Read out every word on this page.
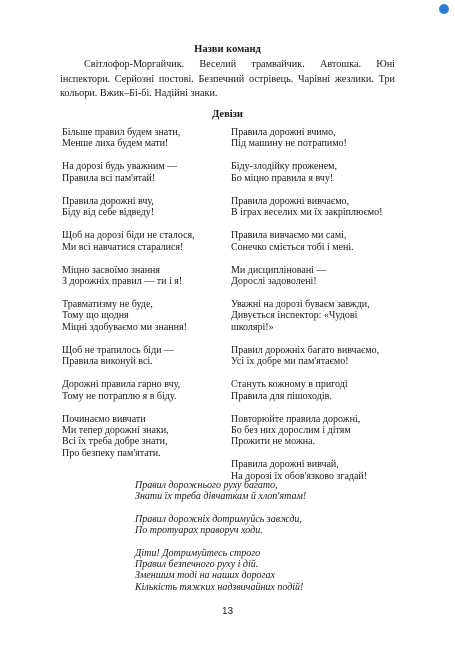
Назви команд
Світлофор-Моргайчик. Веселий трамвайчик. Автошка. Юні інспектори. Серйозні постові. Безпечний острівець. Чарівні жезлики. Три кольори. Вжик–Бі-бі. Надійні знаки.
Девізи
Більше правил будем знати,
Менше лиха будем мати!
На дорозі будь уважним —
Правила всі пам'ятай!
Правила дорожні вчу,
Біду від себе відведу!
Щоб на дорозі біди не сталося,
Ми всі навчатися старалися!
Міцно засвоїмо знання
З дорожніх правил — ти і я!
Травматизму не буде,
Тому що щодня
Міцні здобуваємо ми знання!
Щоб не трапилось біди —
Правила виконуй всі.
Дорожні правила гарно вчу,
Тому не потраплю я в біду.
Починаємо вивчати
Ми тепер дорожні знаки,
Всі їх треба добре знати,
Про безпеку пам'ятати.
Правила дорожні вчимо,
Під машину не потрапимо!
Біду-злодійку проженем,
Бо міцно правила я вчу!
Правила дорожні вивчаємо,
В іграх веселих ми їх закріплюємо!
Правила вивчаємо ми самі,
Сонечко сміється тобі і мені.
Ми дисципліновані —
Дорослі задоволені!
Уважні на дорозі буваєм завжди,
Дивується інспектор: «Чудові
школярі!»
Правил дорожніх багато вивчаємо,
Усі їх добре ми пам'ятаємо!
Стануть кожному в пригоді
Правила для пішоходів.
Повторюйте правила дорожні,
Бо без них дорослим і дітям
Прожити не можна.
Правила дорожні вивчай,
На дорозі їх обов'язково згадай!
Правил дорожнього руху багато,
Знати їх треба дівчаткам й хлоп'ятам!
Правил дорожніх дотримуйсь завжди,
По тротуарах праворуч ходи.
Діти! Дотримуйтесь строго
Правил безпечного руху і дій.
Зменшим тоді на наших дорогах
Кількість тяжких надзвичайних подій!
13
